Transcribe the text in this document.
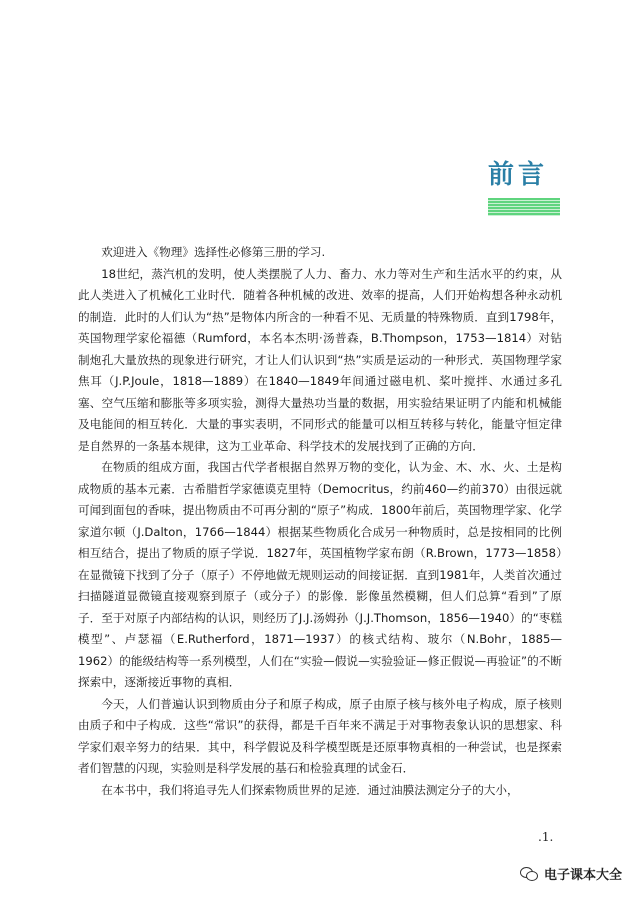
前言

欢迎进入《物理》选择性必修第三册的学习.

18世纪，蒸汽机的发明，使人类摆脱了人力、畜力、水力等对生产和生活水平的约束，从此人类进入了机械化工业时代．随着各种机械的改进、效率的提高，人们开始构想各种永动机的制造．此时的人们认为“热”是物体内所含的一种看不见、无质量的特殊物质．直到1798年，英国物理学家伦福德（Rumford，本名本杰明·汤普森，B.Thompson，1753—1814）对钻制炮孔大量放热的现象进行研究，才让人们认识到“热”实质是运动的一种形式．英国物理学家焦耳（J.P.Joule，1818—1889）在1840—1849年间通过磁电机、桨叶搅拌、水通过多孔塞、空气压缩和膨胀等多项实验，测得大量热功当量的数据，用实验结果证明了内能和机械能及电能间的相互转化．大量的事实表明，不同形式的能量可以相互转移与转化，能量守恒定律是自然界的一条基本规律，这为工业革命、科学技术的发展找到了正确的方向．

在物质的组成方面，我国古代学者根据自然界万物的变化，认为金、木、水、火、土是构成物质的基本元素．古希腊哲学家德谟克里特（Democritus，约前460—约前370）由很远就可闻到面包的香味，提出物质由不可再分割的“原子”构成．1800年前后，英国物理学家、化学家道尔顿（J.Dalton，1766—1844）根据某些物质化合成另一种物质时，总是按相同的比例相互结合，提出了物质的原子学说．1827年，英国植物学家布朗（R.Brown，1773—1858）在显微镜下找到了分子（原子）不停地做无规则运动的间接证据．直到1981年，人类首次通过扫描隧道显微镜直接观察到原子（或分子）的影像．影像虽然模糊，但人们总算“看到”了原子．至于对原子内部结构的认识，则经历了J.J.汤姆孙（J.J.Thomson，1856—1940）的“枣糕模型”、卢瑟福（E.Rutherford，1871—1937）的核式结构、玻尔（N.Bohr，1885—1962）的能级结构等一系列模型，人们在“实验—假说—实验验证—修正假说—再验证”的不断探索中，逐渐接近事物的真相．

今天，人们普遍认识到物质由分子和原子构成，原子由原子核与核外电子构成，原子核则由质子和中子构成．这些“常识”的获得，都是千百年来不满足于对事物表象认识的思想家、科学家们艰辛努力的结果．其中，科学假说及科学模型既是还原事物真相的一种尝试，也是探索者们智慧的闪现，实验则是科学发展的基石和检验真理的试金石．

在本书中，我们将追寻先人们探索物质世界的足迹．通过油膜法测定分子的大小，

.1.
电子课本大全
